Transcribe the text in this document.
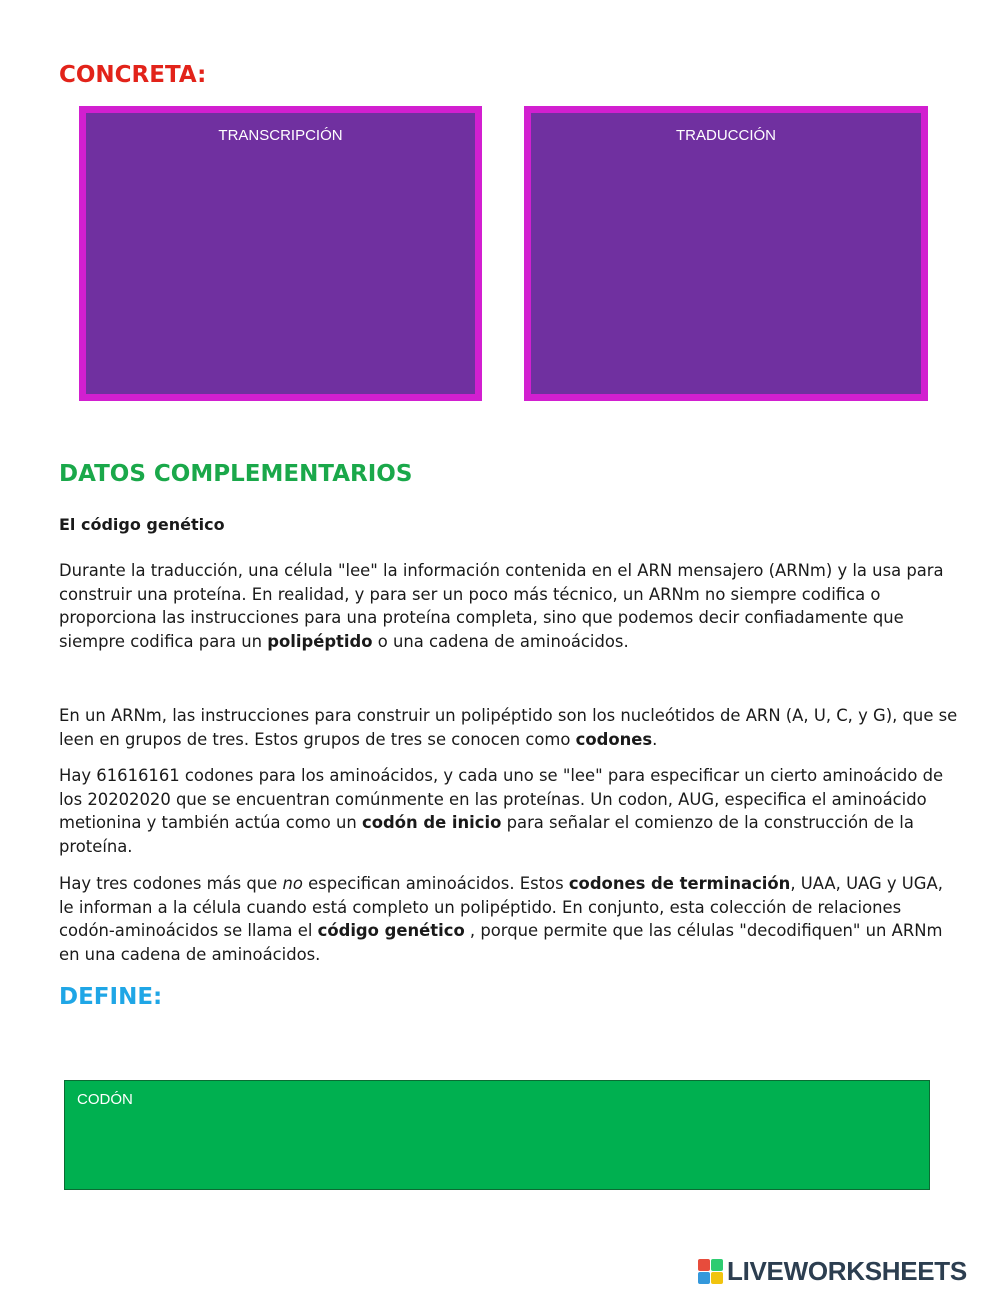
CONCRETA:
TRANSCRIPCIÓN	TRADUCCIÓN
DATOS COMPLEMENTARIOS
El código genético

Durante la traducción, una célula "lee" la información contenida en el ARN mensajero (ARNm) y la usa para construir una proteína. En realidad, y para ser un poco más técnico, un ARNm no siempre codifica o proporciona las instrucciones para una proteína completa, sino que podemos decir confiadamente que siempre codifica para un polipéptido o una cadena de aminoácidos.

En un ARNm, las instrucciones para construir un polipéptido son los nucleótidos de ARN (A, U, C, y G), que se leen en grupos de tres. Estos grupos de tres se conocen como codones.

Hay 61616161 codones para los aminoácidos, y cada uno se "lee" para especificar un cierto aminoácido de los 20202020 que se encuentran comúnmente en las proteínas. Un codon, AUG, especifica el aminoácido metionina y también actúa como un codón de inicio para señalar el comienzo de la construcción de la proteína.

Hay tres codones más que no especifican aminoácidos. Estos codones de terminación, UAA, UAG y UGA, le informan a la célula cuando está completo un polipéptido. En conjunto, esta colección de relaciones codón-aminoácidos se llama el código genético , porque permite que las células "decodifiquen" un ARNm en una cadena de aminoácidos.

DEFINE:
CODÓN
LIVEWORKSHEETS
